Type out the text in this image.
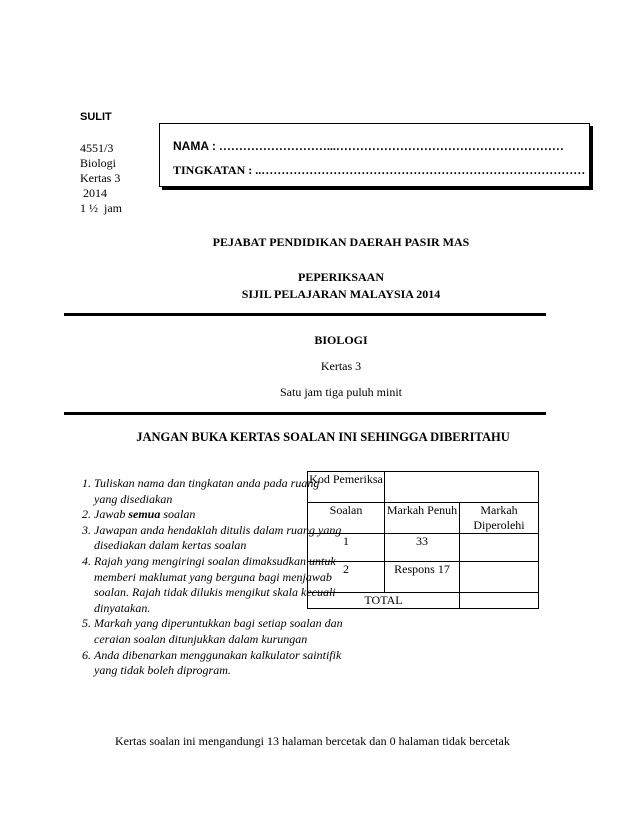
SULIT
4551/3
Biologi
Kertas 3
2014
1 ½  jam
NAMA : ………………………...…………………………………………………
TINGKATAN : ..………………………………………………………………………
PEJABAT PENDIDIKAN DAERAH PASIR MAS
PEPERIKSAAN
SIJIL PELAJARAN MALAYSIA 2014
BIOLOGI
Kertas 3
Satu jam tiga puluh minit
JANGAN BUKA KERTAS SOALAN INI SEHINGGA DIBERITAHU
1. Tuliskan nama dan tingkatan anda pada ruang yang disediakan
2. Jawab semua soalan
3. Jawapan anda hendaklah ditulis dalam ruang yang disediakan dalam kertas soalan
4. Rajah yang mengiringi soalan dimaksudkan untuk memberi maklumat yang berguna bagi menjawab soalan. Rajah tidak dilukis mengikut skala kecuali dinyatakan.
5. Markah yang diperuntukkan bagi setiap soalan dan ceraian soalan ditunjukkan dalam kurungan
6. Anda dibenarkan menggunakan kalkulator saintifik yang tidak boleh diprogram.
Kod Pemeriksa		
Soalan	Markah Penuh	Markah Diperolehi
1	33	
2	Respons 17	
TOTAL		
Kertas soalan ini mengandungi 13 halaman bercetak dan 0 halaman tidak bercetak
